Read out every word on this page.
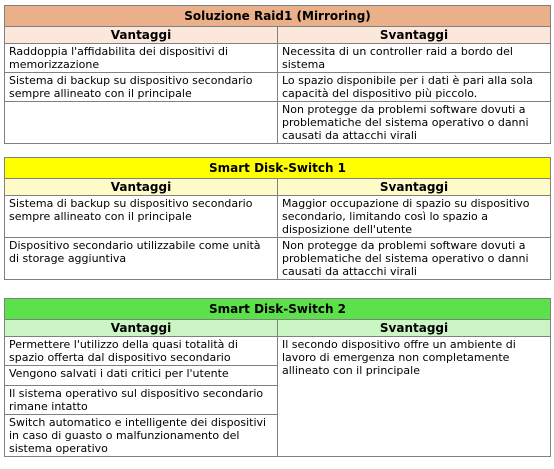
Soluzione Raid1 (Mirroring)	
Vantaggi	Svantaggi
Raddoppia l'affidabilita dei dispositivi di memorizzazione	Necessita di un controller raid a bordo del sistema
Sistema di backup su dispositivo secondario sempre allineato con il principale	Lo spazio disponibile per i dati è pari alla sola capacità del dispositivo più piccolo.
	Non protegge da problemi software dovuti a problematiche del sistema operativo o danni causati da attacchi virali
Smart Disk-Switch 1	
Vantaggi	Svantaggi
Sistema di backup su dispositivo secondario sempre allineato con il principale	Maggior occupazione di spazio su dispositivo secondario, limitando così lo spazio a disposizione dell'utente
Dispositivo secondario utilizzabile come unità di storage aggiuntiva	Non protegge da problemi software dovuti a problematiche del sistema operativo o danni causati da attacchi virali
Smart Disk-Switch 2	
Vantaggi	Svantaggi
Permettere l'utilizzo della quasi totalità di spazio offerta dal dispositivo secondario	Il secondo dispositivo offre un ambiente di lavoro di emergenza non completamente allineato con il principale
Vengono salvati i dati critici per l'utente	
Il sistema operativo sul dispositivo secondario rimane intatto	
Switch automatico e intelligente dei dispositivi in caso di guasto o malfunzionamento del sistema operativo	
